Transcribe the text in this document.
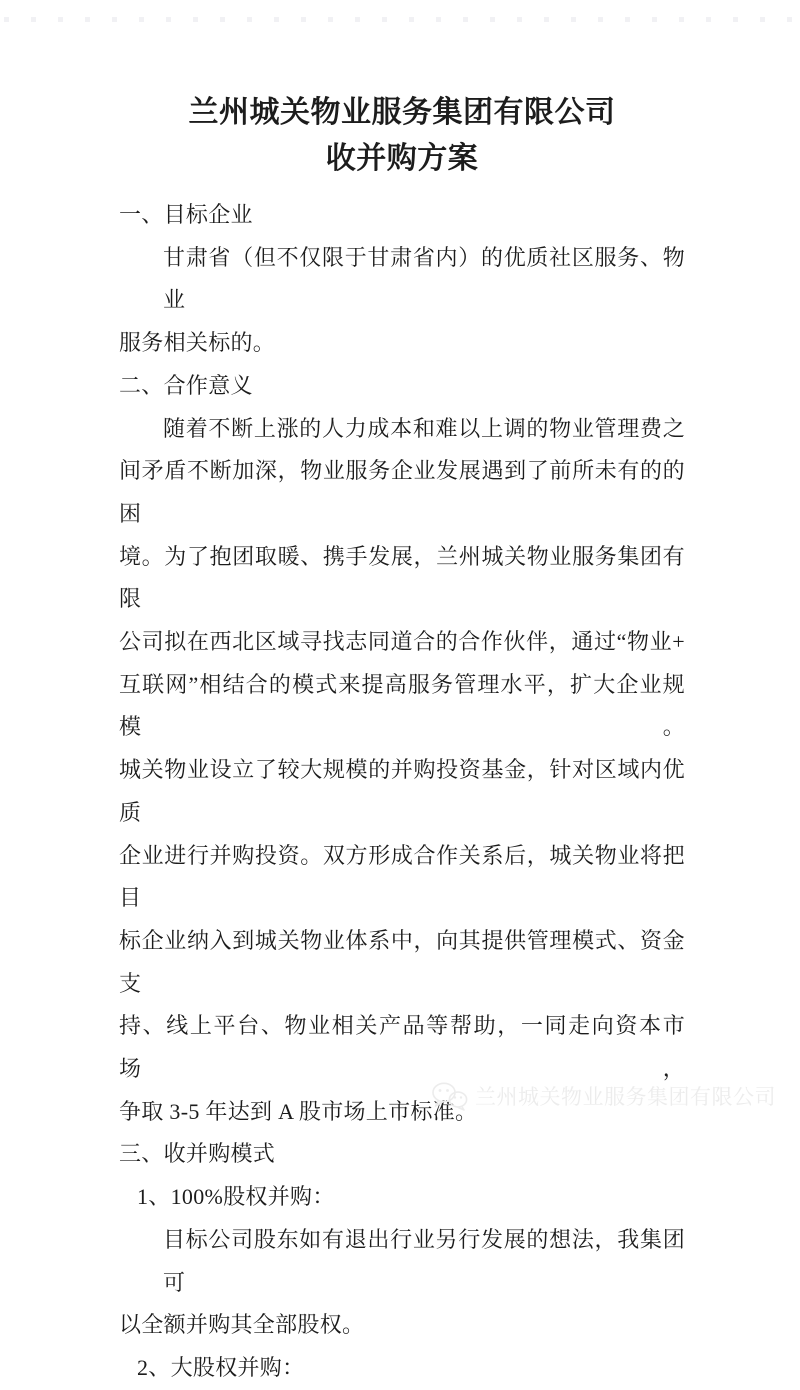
兰州城关物业服务集团有限公司
收并购方案
一、目标企业
甘肃省（但不仅限于甘肃省内）的优质社区服务、物业
服务相关标的。
二、合作意义
随着不断上涨的人力成本和难以上调的物业管理费之
间矛盾不断加深，物业服务企业发展遇到了前所未有的的困
境。为了抱团取暖、携手发展，兰州城关物业服务集团有限
公司拟在西北区域寻找志同道合的合作伙伴，通过“物业+
互联网”相结合的模式来提高服务管理水平，扩大企业规模。
城关物业设立了较大规模的并购投资基金，针对区域内优质
企业进行并购投资。双方形成合作关系后，城关物业将把目
标企业纳入到城关物业体系中，向其提供管理模式、资金支
持、线上平台、物业相关产品等帮助，一同走向资本市场，
争取 3-5 年达到 A 股市场上市标准。
三、收并购模式
1、100%股权并购：
目标公司股东如有退出行业另行发展的想法，我集团可
以全额并购其全部股权。
2、大股权并购：
兰州城关物业服务集团有限公司
